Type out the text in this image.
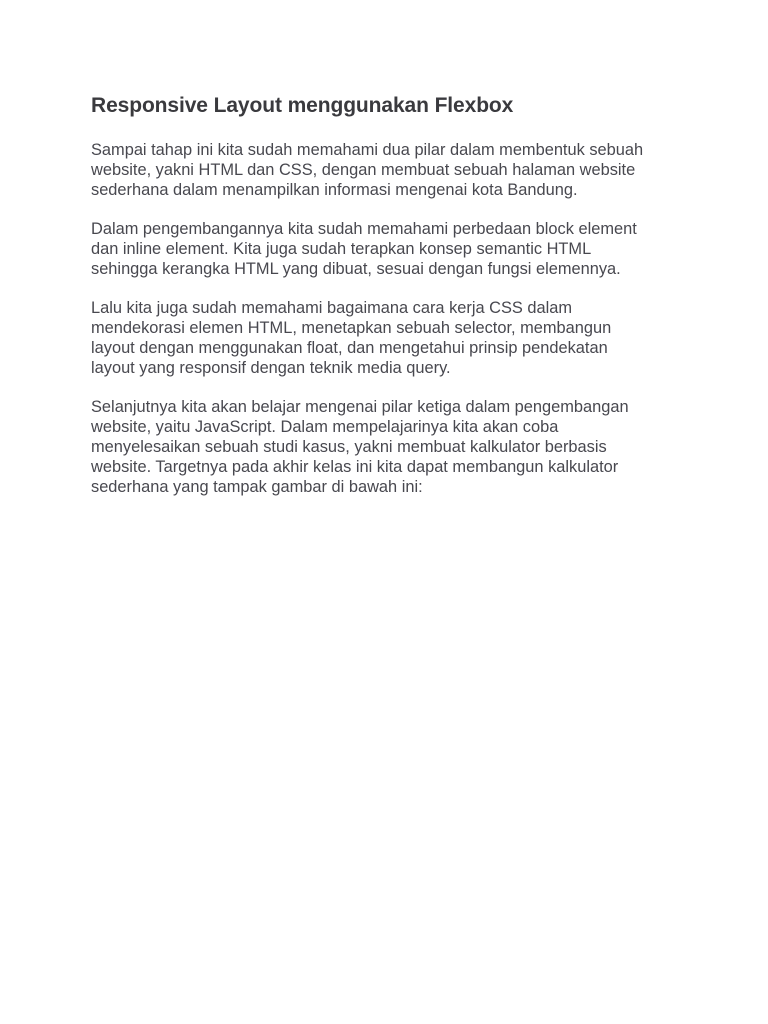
Responsive Layout menggunakan Flexbox

Sampai tahap ini kita sudah memahami dua pilar dalam membentuk sebuah
website, yakni HTML dan CSS, dengan membuat sebuah halaman website
sederhana dalam menampilkan informasi mengenai kota Bandung.

Dalam pengembangannya kita sudah memahami perbedaan block element
dan inline element. Kita juga sudah terapkan konsep semantic HTML
sehingga kerangka HTML yang dibuat, sesuai dengan fungsi elemennya.

Lalu kita juga sudah memahami bagaimana cara kerja CSS dalam
mendekorasi elemen HTML, menetapkan sebuah selector, membangun
layout dengan menggunakan float, dan mengetahui prinsip pendekatan
layout yang responsif dengan teknik media query.

Selanjutnya kita akan belajar mengenai pilar ketiga dalam pengembangan
website, yaitu JavaScript. Dalam mempelajarinya kita akan coba
menyelesaikan sebuah studi kasus, yakni membuat kalkulator berbasis
website. Targetnya pada akhir kelas ini kita dapat membangun kalkulator
sederhana yang tampak gambar di bawah ini:
